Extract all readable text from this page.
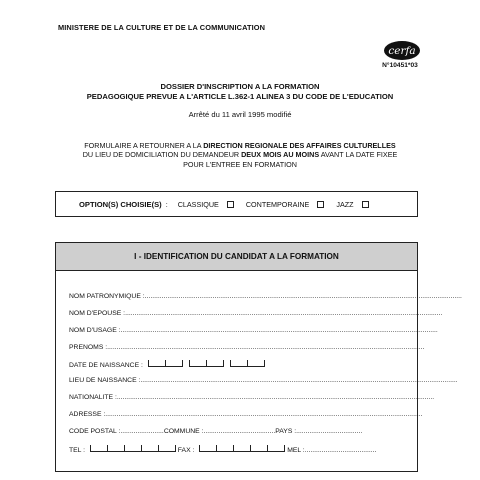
MINISTERE DE LA CULTURE ET DE LA COMMUNICATION
cerfa
N°10451*03
DOSSIER D'INSCRIPTION A LA FORMATION
PEDAGOGIQUE PREVUE A L'ARTICLE L.362-1 ALINEA 3 DU CODE DE L'EDUCATION
Arrêté du 11 avril 1995 modifié
FORMULAIRE A RETOURNER A LA DIRECTION REGIONALE DES AFFAIRES CULTURELLES
DU LIEU DE DOMICILIATION DU DEMANDEUR DEUX MOIS AU MOINS AVANT LA DATE FIXEE
POUR L'ENTREE EN FORMATION
OPTION(S) CHOISIE(S) : CLASSIQUE	CONTEMPORAINE	JAZZ
I - IDENTIFICATION DU CANDIDAT A LA FORMATION
NOM PATRONYMIQUE :........................................................................................................................................................................
NOM D'EPOUSE :........................................................................................................................................................................
NOM D'USAGE :........................................................................................................................................................................
PRENOMS :........................................................................................................................................................................
DATE DE NAISSANCE :
LIEU DE NAISSANCE :........................................................................................................................................................................
NATIONALITE :........................................................................................................................................................................
ADRESSE :........................................................................................................................................................................
CODE POSTAL :.......................COMMUNE :......................................PAYS :...................................
TEL :	FAX :	MEL :......................................
